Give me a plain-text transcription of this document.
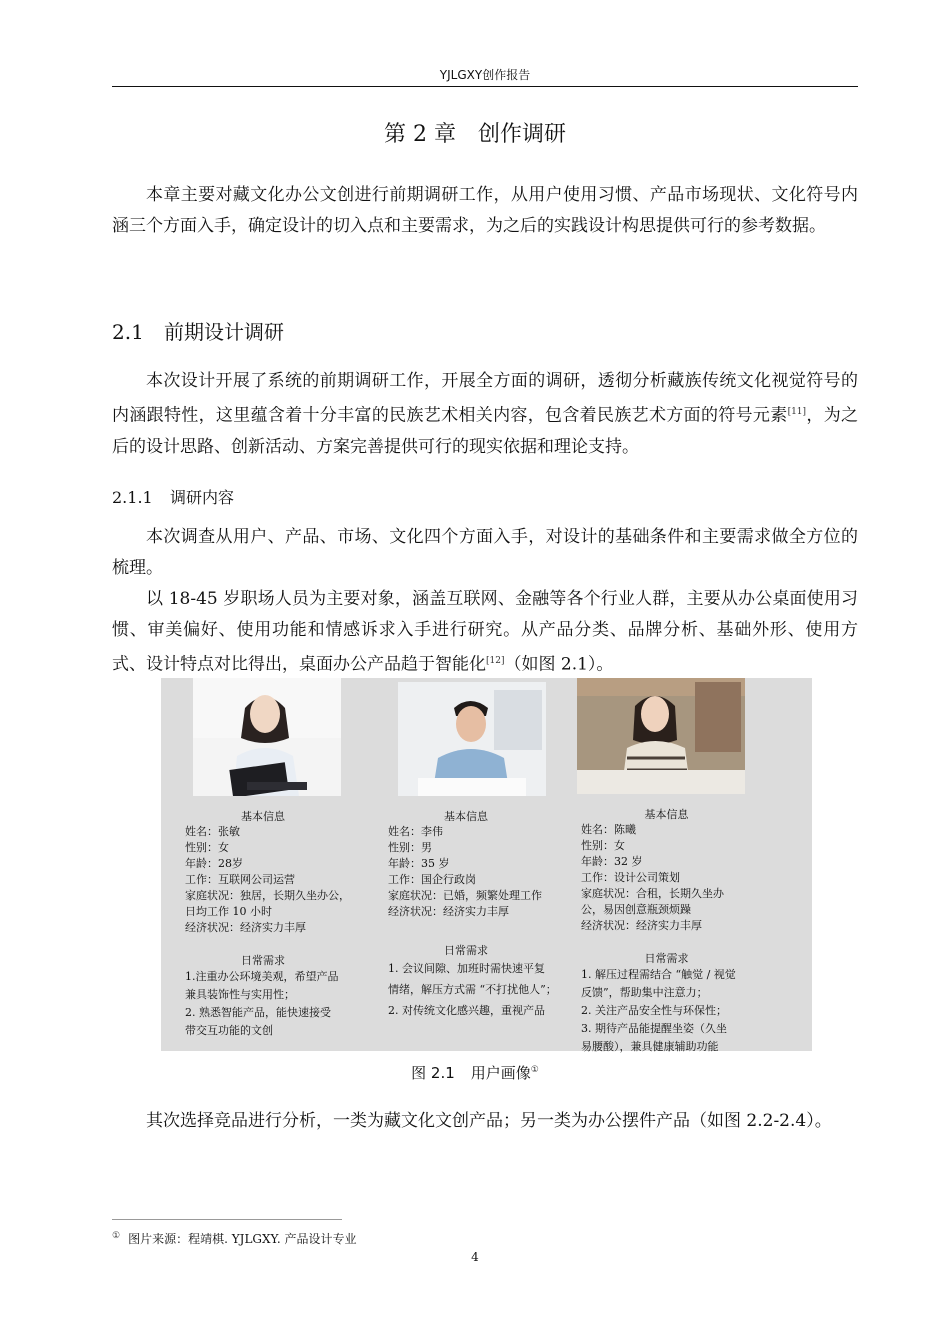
YJLGXY创作报告
第 2 章　创作调研

本章主要对藏文化办公文创进行前期调研工作，从用户使用习惯、产品市场现状、文化符号内涵三个方面入手，确定设计的切入点和主要需求，为之后的实践设计构思提供可行的参考数据。

2.1 前期设计调研

本次设计开展了系统的前期调研工作，开展全方面的调研，透彻分析藏族传统文化视觉符号的内涵跟特性，这里蕴含着十分丰富的民族艺术相关内容，包含着民族艺术方面的符号元素[11]，为之后的设计思路、创新活动、方案完善提供可行的现实依据和理论支持。

2.1.1 调研内容

本次调查从用户、产品、市场、文化四个方面入手，对设计的基础条件和主要需求做全方位的梳理。

以 18-45 岁职场人员为主要对象，涵盖互联网、金融等各个行业人群，主要从办公桌面使用习惯、审美偏好、使用功能和情感诉求入手进行研究。从产品分类、品牌分析、基础外形、使用方式、设计特点对比得出，桌面办公产品趋于智能化[12]（如图 2.1）。

基本信息
姓名：张敏
性别：女
年龄：28岁
工作：互联网公司运营
家庭状况：独居，长期久坐办公，
日均工作 10 小时
经济状况：经济实力丰厚
日常需求
1.注重办公环境美观，希望产品
兼具装饰性与实用性；
2. 熟悉智能产品，能快速接受
带交互功能的文创
基本信息
姓名：李伟
性别：男
年龄：35 岁
工作：国企行政岗
家庭状况：已婚，频繁处理工作
经济状况：经济实力丰厚
日常需求
1. 会议间隙、加班时需快速平复
情绪，解压方式需 “不打扰他人”；
2. 对传统文化感兴趣，重视产品
基本信息
姓名：陈曦
性别：女
年龄：32 岁
工作：设计公司策划
家庭状况：合租，长期久坐办
公，易因创意瓶颈烦躁
经济状况：经济实力丰厚
日常需求
1. 解压过程需结合 “触觉 / 视觉
反馈”，帮助集中注意力；
2. 关注产品安全性与环保性；
3. 期待产品能提醒坐姿（久坐
易腰酸），兼具健康辅助功能
图 2.1 用户画像①

其次选择竞品进行分析，一类为藏文化文创产品；另一类为办公摆件产品（如图 2.2-2.4）。

① 图片来源：程靖棋. YJLGXY. 产品设计专业
4
